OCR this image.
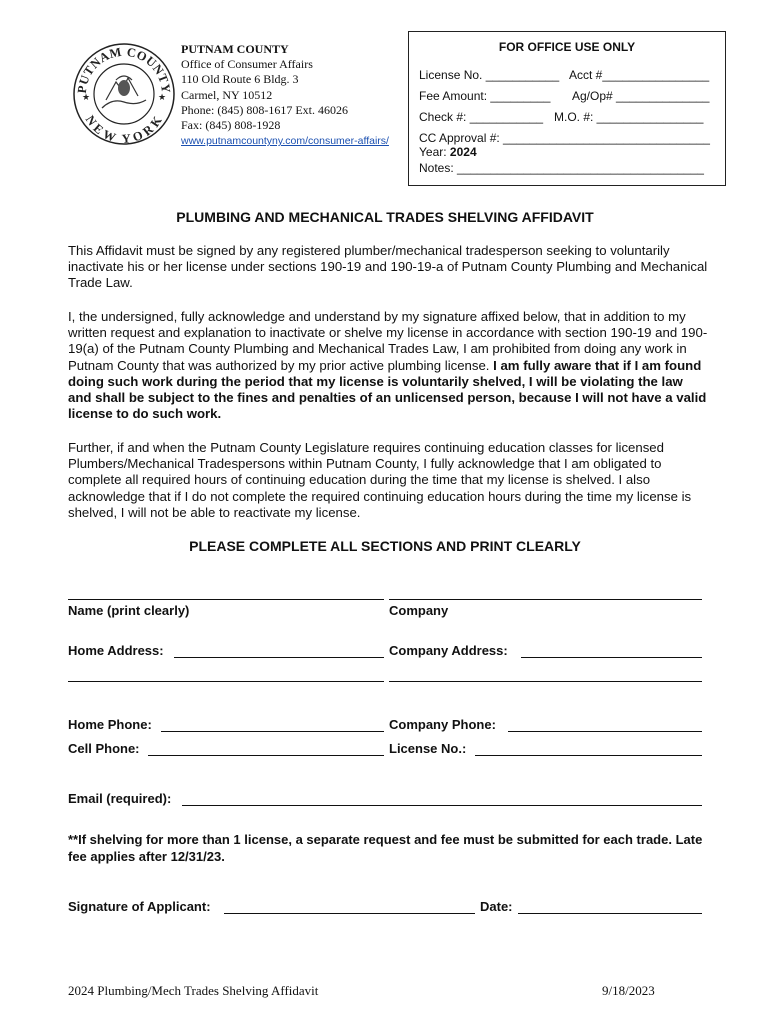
PUTNAM COUNTY
NEW YORK
★	★
PUTNAM COUNTY
Office of Consumer Affairs
110 Old Route 6 Bldg. 3
Carmel, NY 10512
Phone: (845) 808-1617 Ext. 46026
Fax: (845) 808-1928
www.putnamcountyny.com/consumer-affairs/
FOR OFFICE USE ONLY
License No. ___________ Acct #________________
Fee Amount: _________ Ag/Op# ______________
Check #: ___________ M.O. #: ________________
CC Approval #: _______________________________
Year: 2024
Notes: _____________________________________
PLUMBING AND MECHANICAL TRADES SHELVING AFFIDAVIT

This Affidavit must be signed by any registered plumber/mechanical tradesperson seeking to voluntarily inactivate his or her license under sections 190-19 and 190-19-a of Putnam County Plumbing and Mechanical Trade Law.

I, the undersigned, fully acknowledge and understand by my signature affixed below, that in addition to my written request and explanation to inactivate or shelve my license in accordance with section 190-19 and 190-19(a) of the Putnam County Plumbing and Mechanical Trades Law, I am prohibited from doing any work in Putnam County that was authorized by my prior active plumbing license. I am fully aware that if I am found doing such work during the period that my license is voluntarily shelved, I will be violating the law and shall be subject to the fines and penalties of an unlicensed person, because I will not have a valid license to do such work.

Further, if and when the Putnam County Legislature requires continuing education classes for licensed Plumbers/Mechanical Tradespersons within Putnam County, I fully acknowledge that I am obligated to complete all required hours of continuing education during the time that my license is shelved. I also acknowledge that if I do not complete the required continuing education hours during the time my license is shelved, I will not be able to reactivate my license.

PLEASE COMPLETE ALL SECTIONS AND PRINT CLEARLY
Name (print clearly)	Company
Home Address:	Company Address:
Home Phone:	Company Phone:
Cell Phone:	License No.:
Email (required):
**If shelving for more than 1 license, a separate request and fee must be submitted for each trade. Late fee applies after 12/31/23.
Signature of Applicant:	Date:
2024 Plumbing/Mech Trades Shelving Affidavit	9/18/2023
